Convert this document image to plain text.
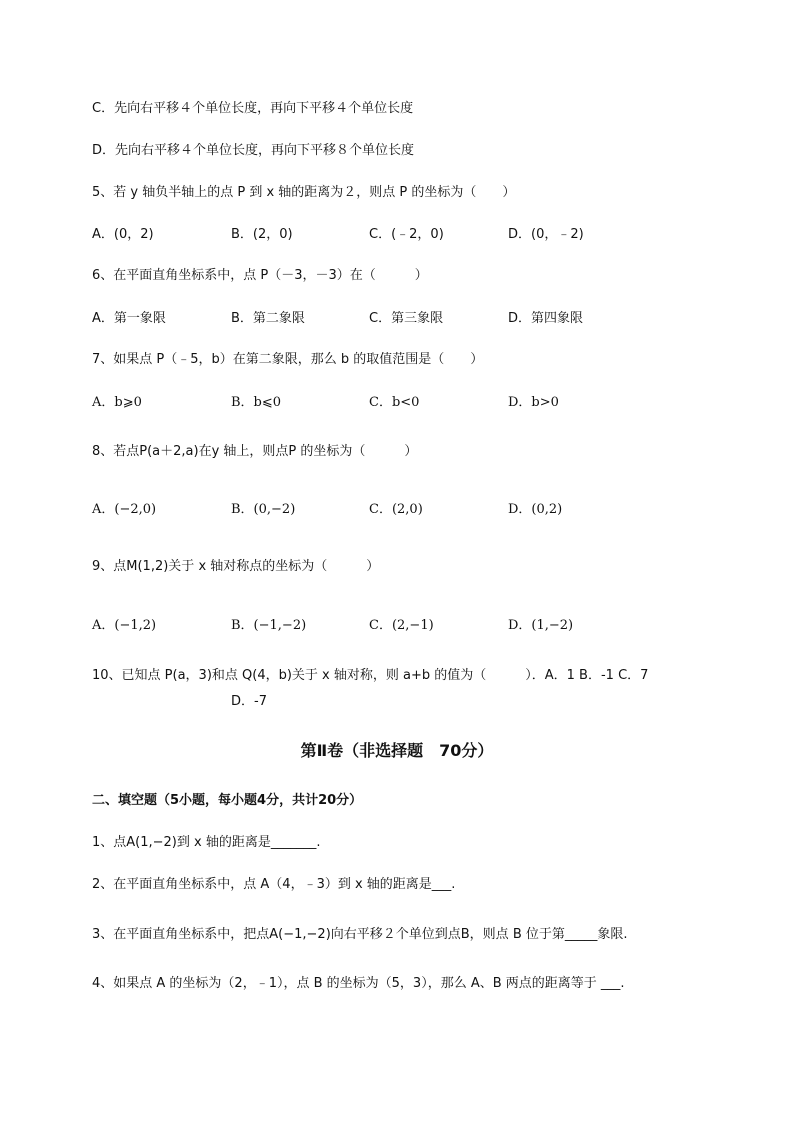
C．先向右平移４个单位长度，再向下平移４个单位长度
D．先向右平移４个单位长度，再向下平移８个单位长度
5、若 y 轴负半轴上的点 P 到 x 轴的距离为２，则点 P 的坐标为（　　）
A．(0，2)	B．(2，0)	C．(﹣2，0)	D．(0，﹣2)
6、在平面直角坐标系中，点 P（－3，－3）在（　　　）
A．第一象限	B．第二象限	C．第三象限	D．第四象限
7、如果点 P（﹣5，b）在第二象限，那么 b 的取值范围是（　　）
A．b⩾0	B．b⩽0	C．b<0	D．b>0
8、若点P(a＋2,a)在y 轴上，则点P 的坐标为（　　　）
A．(−2,0)	B．(0,−2)	C．(2,0)	D．(0,2)
9、点M(1,2)关于 x 轴对称点的坐标为（　　　）
A．(−1,2)	B．(−1,−2)	C．(2,−1)	D．(1,−2)
10、已知点 P(a，3)和点 Q(4，b)关于 x 轴对称，则 a+b 的值为（　　　）．A．1 B．-1 C．7
D．-7
第Ⅱ卷（非选择题　70分）
二、填空题（5小题，每小题4分，共计20分）
1、点A(1,−2)到 x 轴的距离是_______.
2、在平面直角坐标系中，点 A（4，﹣3）到 x 轴的距离是___.
3、在平面直角坐标系中，把点A(−1,−2)向右平移２个单位到点B，则点 B 位于第_____象限.
4、如果点 A 的坐标为（2，﹣1），点 B 的坐标为（5，3），那么 A、B 两点的距离等于 ___.
